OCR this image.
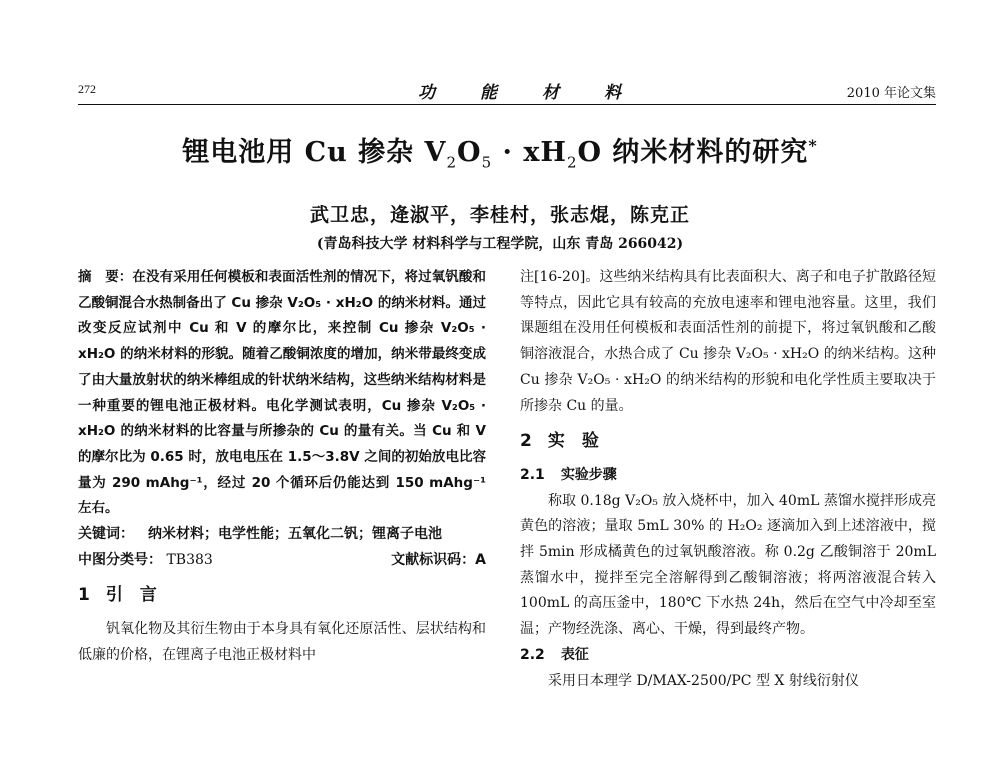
272	功	能	材	料	2010 年论文集
锂电池用 Cu 掺杂 $V_2O_5 \cdot xH_2O$ 纳米材料的研究*
武卫忠，逄淑平，李桂村，张志焜，陈克正
(青岛科技大学 材料科学与工程学院，山东 青岛 266042)

摘　要：在没有采用任何模板和表面活性剂的情况下，将过氧钒酸和乙酸铜混合水热制备出了 Cu 掺杂 V₂O₅ · xH₂O 的纳米材料。通过改变反应试剂中 Cu 和 V 的摩尔比，来控制 Cu 掺杂 V₂O₅ · xH₂O 的纳米材料的形貌。随着乙酸铜浓度的增加，纳米带最终变成了由大量放射状的纳米棒组成的针状纳米结构，这些纳米结构材料是一种重要的锂电池正极材料。电化学测试表明，Cu 掺杂 V₂O₅ · xH₂O 的纳米材料的比容量与所掺杂的 Cu 的量有关。当 Cu 和 V 的摩尔比为 0.65 时，放电电压在 1.5～3.8V 之间的初始放电比容量为 290 mAhg⁻¹，经过 20 个循环后仍能达到 150 mAhg⁻¹ 左右。

关键词：	纳米材料；电学性能；五氧化二钒；锂离子电池
中图分类号： TB383	文献标识码：A
1 引　言

钒氧化物及其衍生物由于本身具有氧化还原活性、层状结构和低廉的价格，在锂离子电池正极材料中

注[16-20]。这些纳米结构具有比表面积大、离子和电子扩散路径短等特点，因此它具有较高的充放电速率和锂电池容量。这里，我们课题组在没用任何模板和表面活性剂的前提下，将过氧钒酸和乙酸铜溶液混合，水热合成了 Cu 掺杂 V₂O₅ · xH₂O 的纳米结构。这种 Cu 掺杂 V₂O₅ · xH₂O 的纳米结构的形貌和电化学性质主要取决于所掺杂 Cu 的量。

2 实　验
2.1 实验步骤

称取 0.18g V₂O₅ 放入烧杯中，加入 40mL 蒸馏水搅拌形成亮黄色的溶液；量取 5mL 30% 的 H₂O₂ 逐滴加入到上述溶液中，搅拌 5min 形成橘黄色的过氧钒酸溶液。称 0.2g 乙酸铜溶于 20mL 蒸馏水中，搅拌至完全溶解得到乙酸铜溶液；将两溶液混合转入 100mL 的高压釜中，180℃ 下水热 24h，然后在空气中冷却至室温；产物经洗涤、离心、干燥，得到最终产物。

2.2 表征

采用日本理学 D/MAX-2500/PC 型 X 射线衍射仪
